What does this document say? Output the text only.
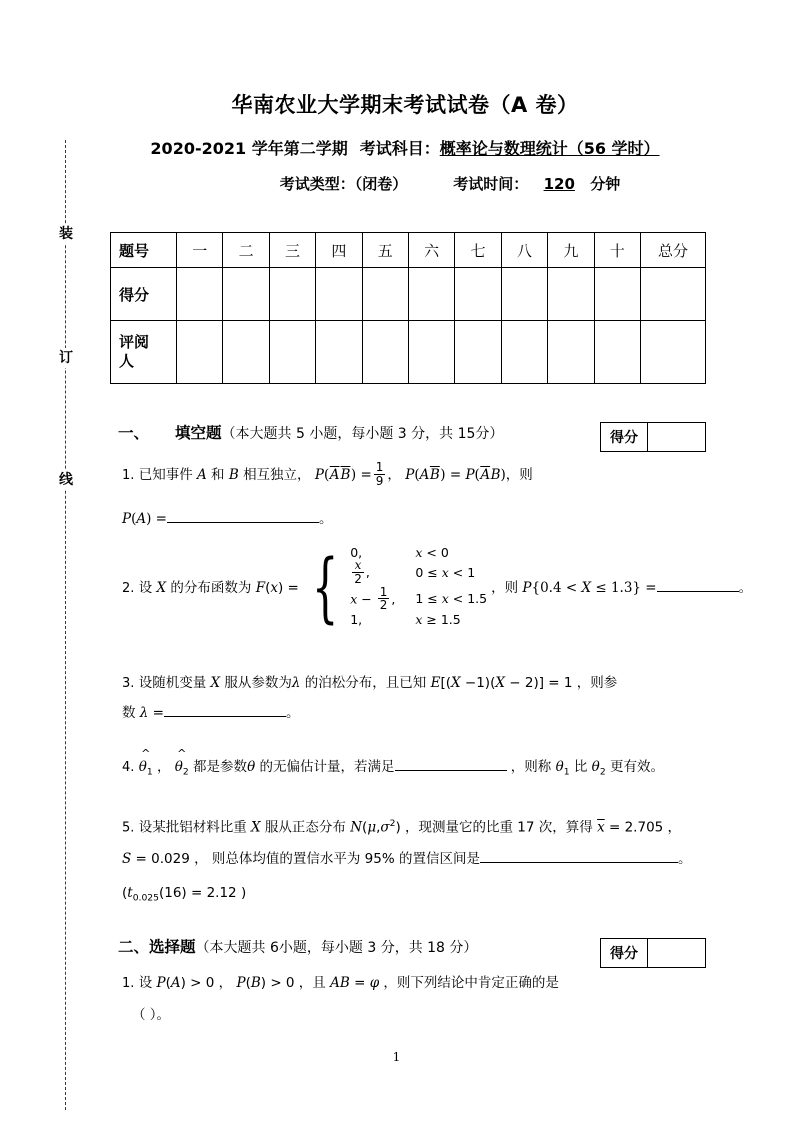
装
订
线
华南农业大学期末考试试卷（A 卷）
2020-2021 学年第二学期 考试科目：概率论与数理统计（56 学时）
考试类型：（闭卷）	考试时间： 120 分钟
题号	一	二	三	四	五	六	七	八	九	十	总分
得分											
评阅
人											
一、 填空题（本大题共 5 小题，每小题 3 分，共 15分）	得分
1. 已知事件 A 和 B 相互独立， $P(\overline{A}\overline{B}) = \frac{1}{9}$ ， $P(A\overline{B}) = P(\overline{A}B)$，则
P(A) =	。
2. 设 X 的分布函数为 F(x) = { 0,	x < 0
$\frac{x}{2}$ ,	0 ≤ x < 1
$x - \frac{1}{2}$ , 1 ≤ x < 1.5
1,	x ≥ 1.5
，则 P{0.4 < X ≤ 1.3} =	。
3. 设随机变量 X 服从参数为λ 的泊松分布，且已知 E[(X −1)(X − 2)] = 1 ，则参
数 λ =	。
4.
^
$\theta_1$ ，
^
$\theta_2$ 都是参数θ 的无偏估计量，若满足	，则称 $\theta_1$ 比 $\theta_2$ 更有效。
5. 设某批铝材料比重 X 服从正态分布 $N(\mu,\sigma^2)$ ，现测量它的比重 17 次，算得 $\overline{x} = 2.705$ ，
S = 0.029 ， 则总体均值的置信水平为 95% 的置信区间是	。
($t_{0.025}(16) = 2.12$ )
二、选择题（本大题共 6小题，每小题 3 分，共 18 分）	得分
1. 设 P(A) > 0 ， P(B) > 0 ，且 AB = φ ，则下列结论中肯定正确的是
（ ）。
1
